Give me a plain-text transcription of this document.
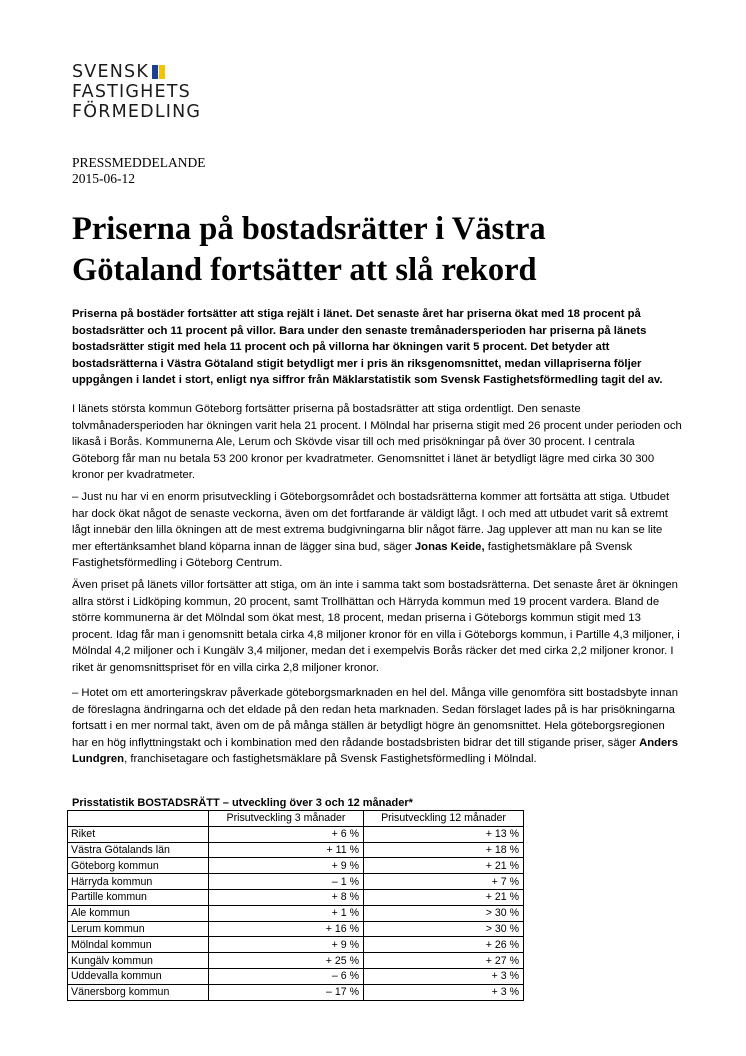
SVENSK
FASTIGHETS
FÖRMEDLING
PRESSMEDDELANDE
2015-06-12
Priserna på bostadsrätter i Västra
Götaland fortsätter att slå rekord

Priserna på bostäder fortsätter att stiga rejält i länet. Det senaste året har priserna ökat med 18 procent på bostadsrätter och 11 procent på villor. Bara under den senaste tremånadersperioden har priserna på länets bostadsrätter stigit med hela 11 procent och på villorna har ökningen varit 5 procent. Det betyder att bostadsrätterna i Västra Götaland stigit betydligt mer i pris än riksgenomsnittet, medan villapriserna följer uppgången i landet i stort, enligt nya siffror från Mäklarstatistik som Svensk Fastighetsförmedling tagit del av.

I länets största kommun Göteborg fortsätter priserna på bostadsrätter att stiga ordentligt. Den senaste tolvmånadersperioden har ökningen varit hela 21 procent. I Mölndal har priserna stigit med 26 procent under perioden och likaså i Borås. Kommunerna Ale, Lerum och Skövde visar till och med prisökningar på över 30 procent. I centrala Göteborg får man nu betala 53 200 kronor per kvadratmeter. Genomsnittet i länet är betydligt lägre med cirka 30 300 kronor per kvadratmeter.

– Just nu har vi en enorm prisutveckling i Göteborgsområdet och bostadsrätterna kommer att fortsätta att stiga. Utbudet har dock ökat något de senaste veckorna, även om det fortfarande är väldigt lågt. I och med att utbudet varit så extremt lågt innebär den lilla ökningen att de mest extrema budgivningarna blir något färre. Jag upplever att man nu kan se lite mer eftertänksamhet bland köparna innan de lägger sina bud, säger Jonas Keide, fastighetsmäklare på Svensk Fastighetsförmedling i Göteborg Centrum.

Även priset på länets villor fortsätter att stiga, om än inte i samma takt som bostadsrätterna. Det senaste året är ökningen allra störst i Lidköping kommun, 20 procent, samt Trollhättan och Härryda kommun med 19 procent vardera. Bland de större kommunerna är det Mölndal som ökat mest, 18 procent, medan priserna i Göteborgs kommun stigit med 13 procent. Idag får man i genomsnitt betala cirka 4,8 miljoner kronor för en villa i Göteborgs kommun, i Partille 4,3 miljoner, i Mölndal 4,2 miljoner och i Kungälv 3,4 miljoner, medan det i exempelvis Borås räcker det med cirka 2,2 miljoner kronor. I riket är genomsnittspriset för en villa cirka 2,8 miljoner kronor.

– Hotet om ett amorteringskrav påverkade göteborgsmarknaden en hel del. Många ville genomföra sitt bostadsbyte innan de föreslagna ändringarna och det eldade på den redan heta marknaden. Sedan förslaget lades på is har prisökningarna fortsatt i en mer normal takt, även om de på många ställen är betydligt högre än genomsnittet. Hela göteborgsregionen har en hög inflyttningstakt och i kombination med den rådande bostadsbristen bidrar det till stigande priser, säger Anders Lundgren, franchisetagare och fastighetsmäklare på Svensk Fastighetsförmedling i Mölndal.

Prisstatistik BOSTADSRÄTT – utveckling över 3 och 12 månader*
	Prisutveckling 3 månader	Prisutveckling 12 månader
Riket	+ 6 %	+ 13 %
Västra Götalands län	+ 11 %	+ 18 %
Göteborg kommun	+ 9 %	+ 21 %
Härryda kommun	– 1 %	+ 7 %
Partille kommun	+ 8 %	+ 21 %
Ale kommun	+ 1 %	> 30 %
Lerum kommun	+ 16 %	> 30 %
Mölndal kommun	+ 9 %	+ 26 %
Kungälv kommun	+ 25 %	+ 27 %
Uddevalla kommun	– 6 %	+ 3 %
Vänersborg kommun	– 17 %	+ 3 %
